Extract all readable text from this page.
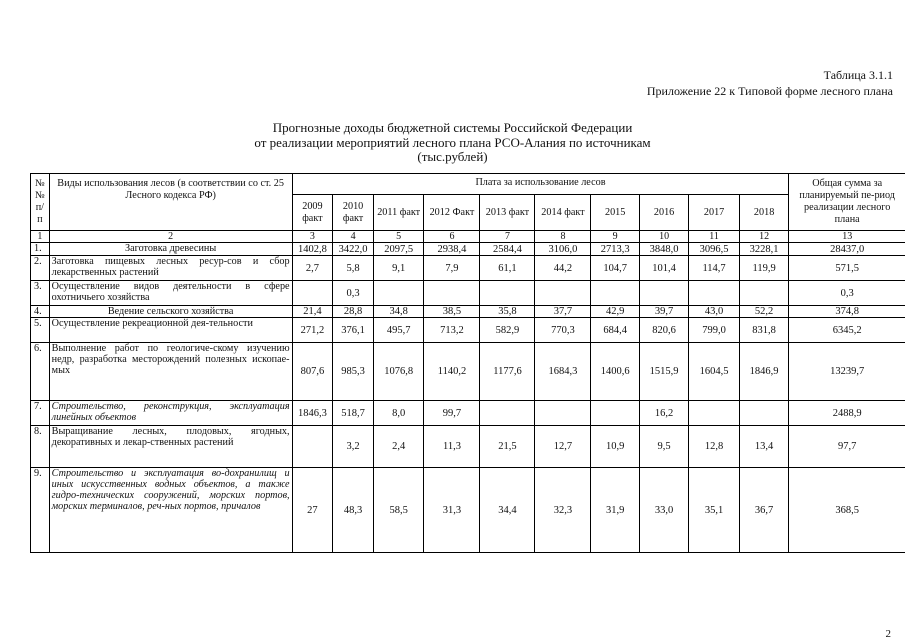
Таблица 3.1.1
Приложение 22 к Типовой форме лесного плана
Прогнозные доходы бюджетной системы Российской Федерации
от реализации мероприятий лесного плана РСО-Алания по источникам
(тыс.рублей)
№ № п/п	Виды использования лесов (в соответствии со ст. 25 Лесного кодекса РФ)	Плата за использование лесов										Общая сумма за планируемый пе-риод реализации лесного плана
		2009 факт	2010 факт	2011 факт	2012 Факт	2013 факт	2014 факт	2015	2016	2017	2018	
1	2	3	4	5	6	7	8	9	10	11	12	13
1.	Заготовка древесины	1402,8	3422,0	2097,5	2938,4	2584,4	3106,0	2713,3	3848,0	3096,5	3228,1	28437,0
2.	Заготовка пищевых лесных ресур-сов и сбор лекарственных растений	2,7	5,8	9,1	7,9	61,1	44,2	104,7	101,4	114,7	119,9	571,5
3.	Осуществление видов деятельности в сфере охотничьего хозяйства		0,3									0,3
4.	Ведение сельского хозяйства	21,4	28,8	34,8	38,5	35,8	37,7	42,9	39,7	43,0	52,2	374,8
5.	Осуществление рекреационной дея-тельности	271,2	376,1	495,7	713,2	582,9	770,3	684,4	820,6	799,0	831,8	6345,2
6.	Выполнение работ по геологиче-скому изучению недр, разработка месторождений полезных ископае-мых	807,6	985,3	1076,8	1140,2	1177,6	1684,3	1400,6	1515,9	1604,5	1846,9	13239,7
7.	Строительство, реконструкция, эксплуатация линейных объектов	1846,3	518,7	8,0	99,7				16,2			2488,9
8.	Выращивание лесных, плодовых, ягодных, декоративных и лекар-ственных растений		3,2	2,4	11,3	21,5	12,7	10,9	9,5	12,8	13,4	97,7
9.	Строительство и эксплуатация во-дохранилищ и иных искусственных водных объектов, а также гидро-технических сооружений, морских портов, морских терминалов, реч-ных портов, причалов	27	48,3	58,5	31,3	34,4	32,3	31,9	33,0	35,1	36,7	368,5
2
